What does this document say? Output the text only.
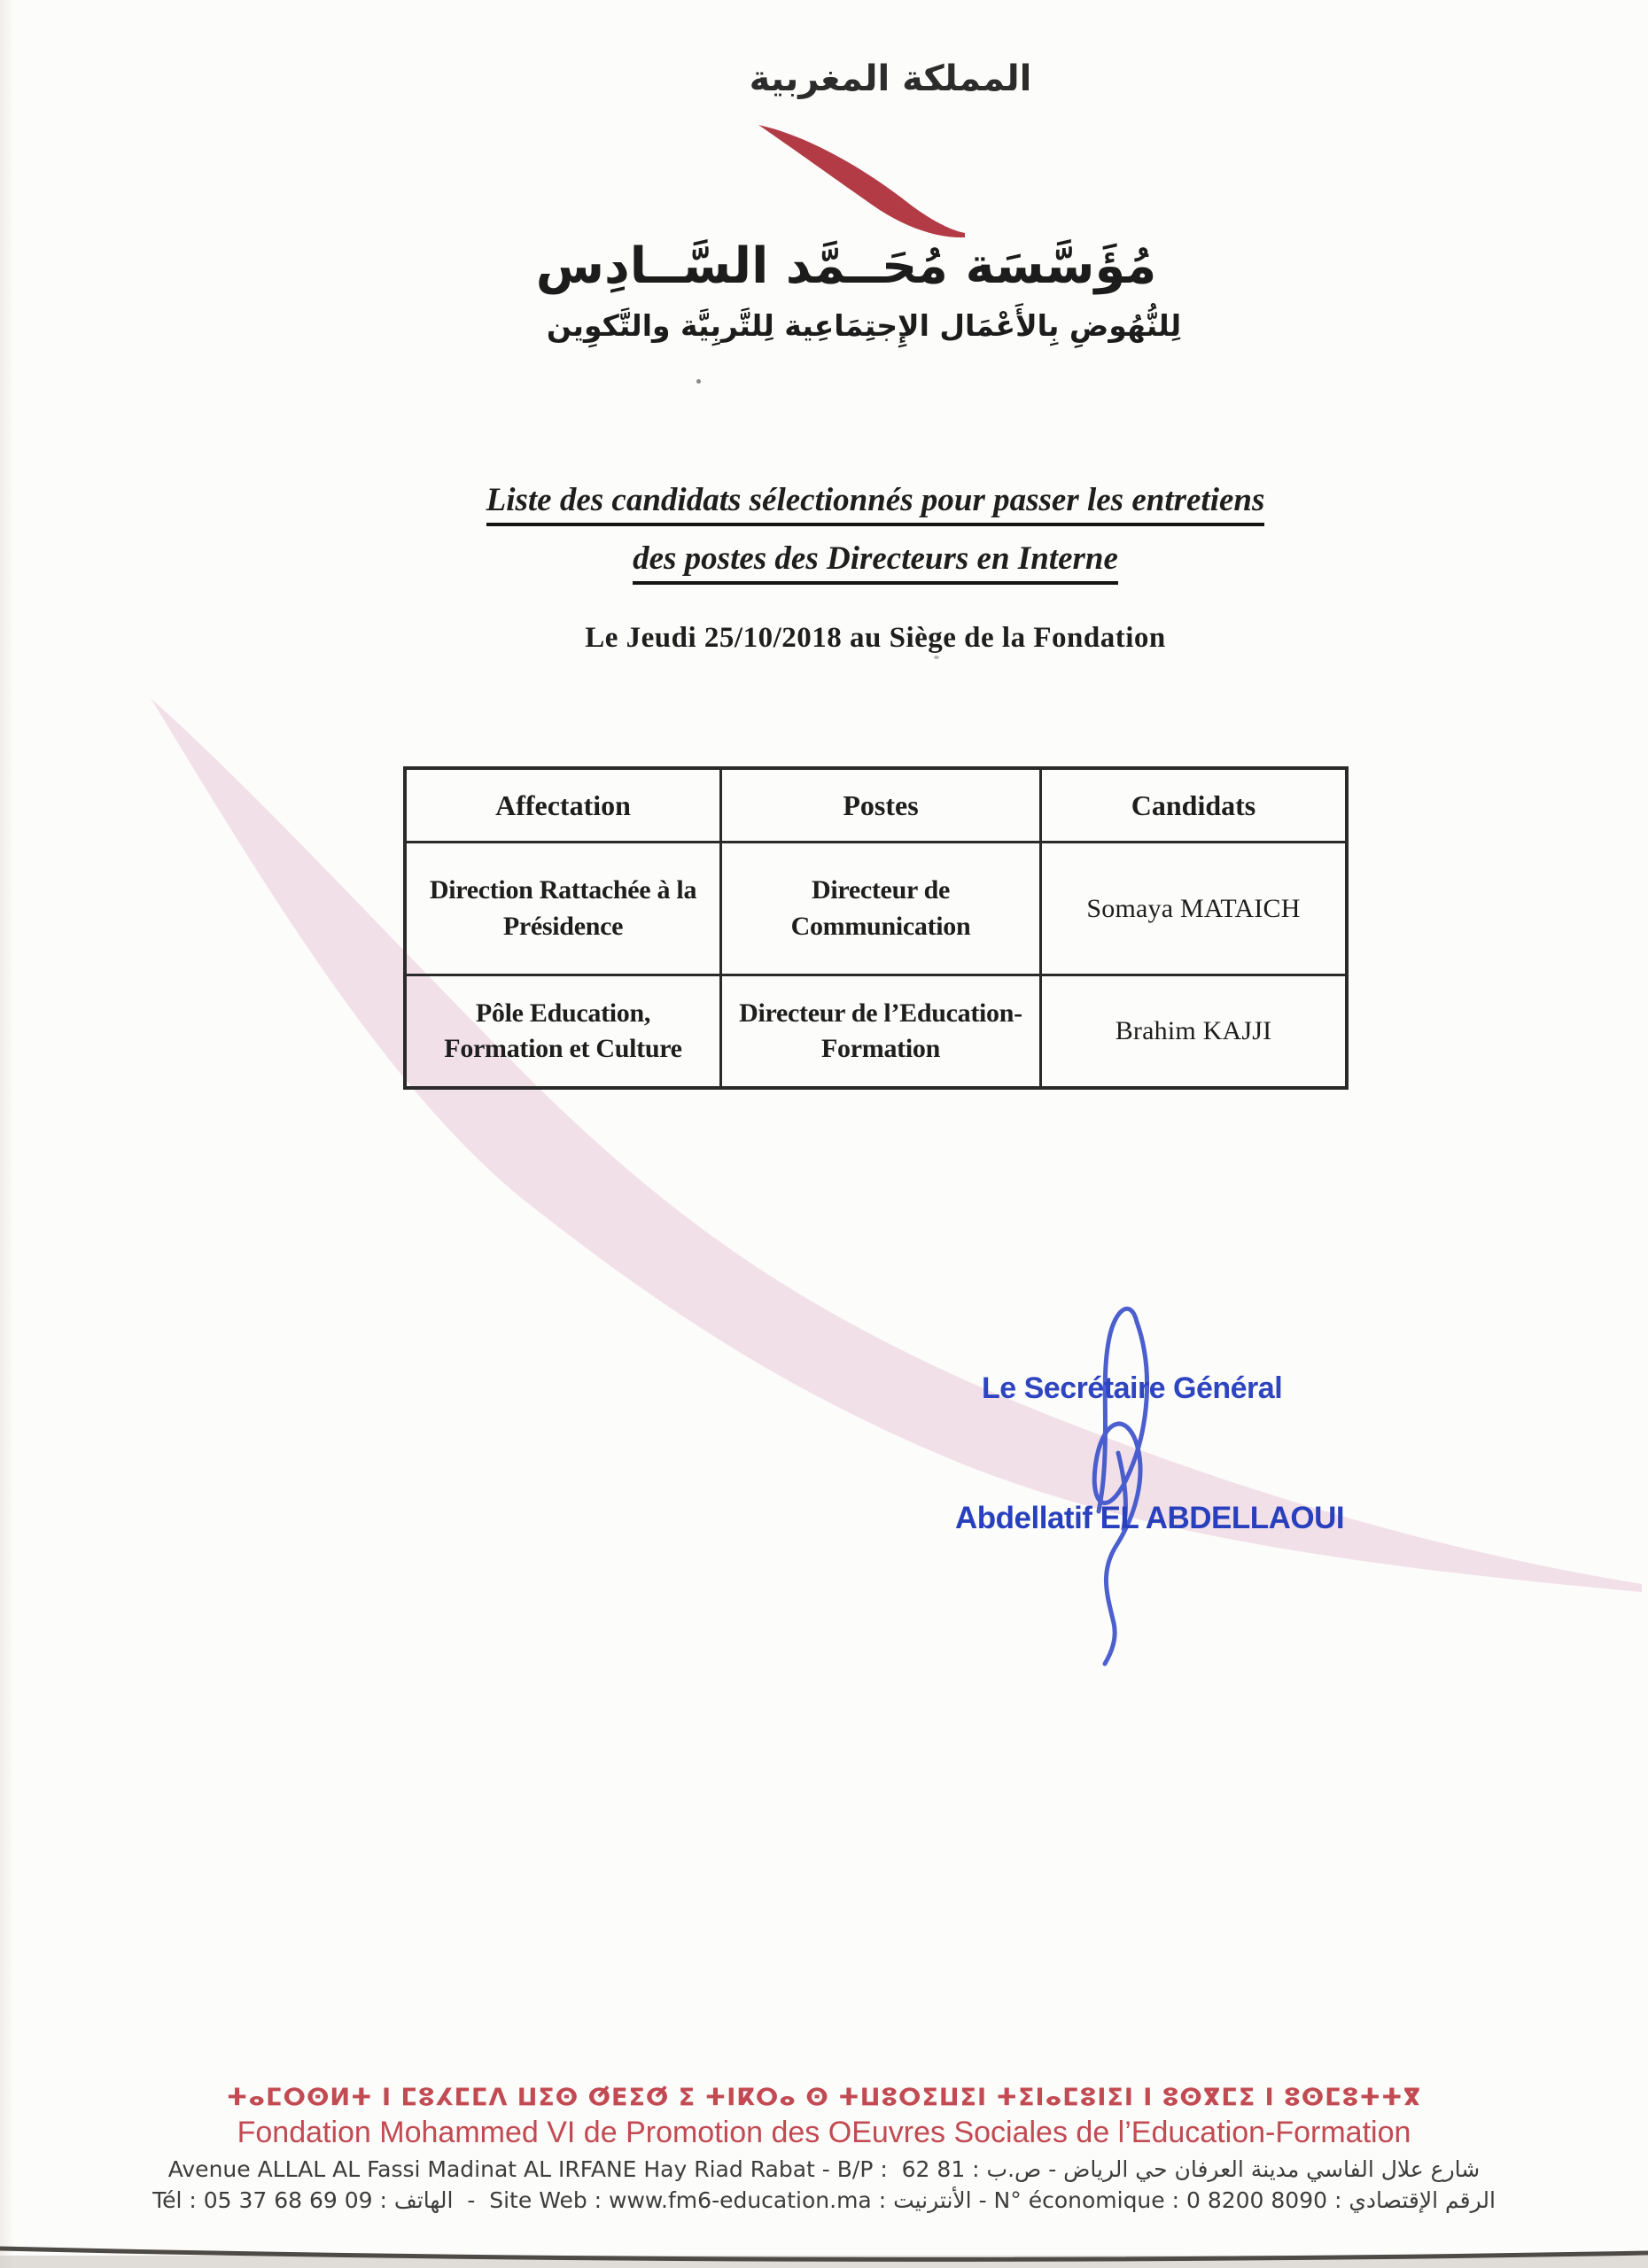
المملكة المغربية
مُؤَسَّسَة مُحَــمَّد السَّــادِس
لِلنُّهُوضِ بِالأَعْمَال الإِجتِمَاعِية لِلتَّربِيَّة والتَّكوِين
Liste des candidats sélectionnés pour passer les entretiens
des postes des Directeurs en Interne
Le Jeudi 25/10/2018 au Siège de la Fondation
Affectation	Postes	Candidats
Direction Rattachée à la Présidence
Directeur de Communication
Somaya MATAICH
Pôle Education, Formation et Culture
Directeur de l’Education-Formation
Brahim KAJJI
Le Secrétaire Général
Abdellatif EL ABDELLAOUI
ⵜⴰⵎⵔⵙⵍⵜ ⵏ ⵎⵓⵃⵎⵎⴷ ⵡⵉⵙ ⵚⴹⵉⵚ ⵉ ⵜⵏⴽⵔⴰ ⵙ ⵜⵡⵓⵔⵉⵡⵉⵏ ⵜⵉⵏⴰⵎⵓⵏⵉⵏ ⵏ ⵓⵙⴳⵎⵉ ⵏ ⵓⵙⵎⵓⵜⵜⴳ
Fondation Mohammed VI de Promotion des OEuvres Sociales de l’Education-Formation
Avenue ALLAL AL Fassi Madinat AL IRFANE Hay Riad Rabat - B/P :  62 81 : شارع علال الفاسي مدينة العرفان حي الرياض - ص.ب
Tél : 05 37 68 69 09 : الهاتف  -  Site Web : www.fm6-education.ma : الأنترنيت - N° économique : 0 8200 8090 : الرقم الإقتصادي
